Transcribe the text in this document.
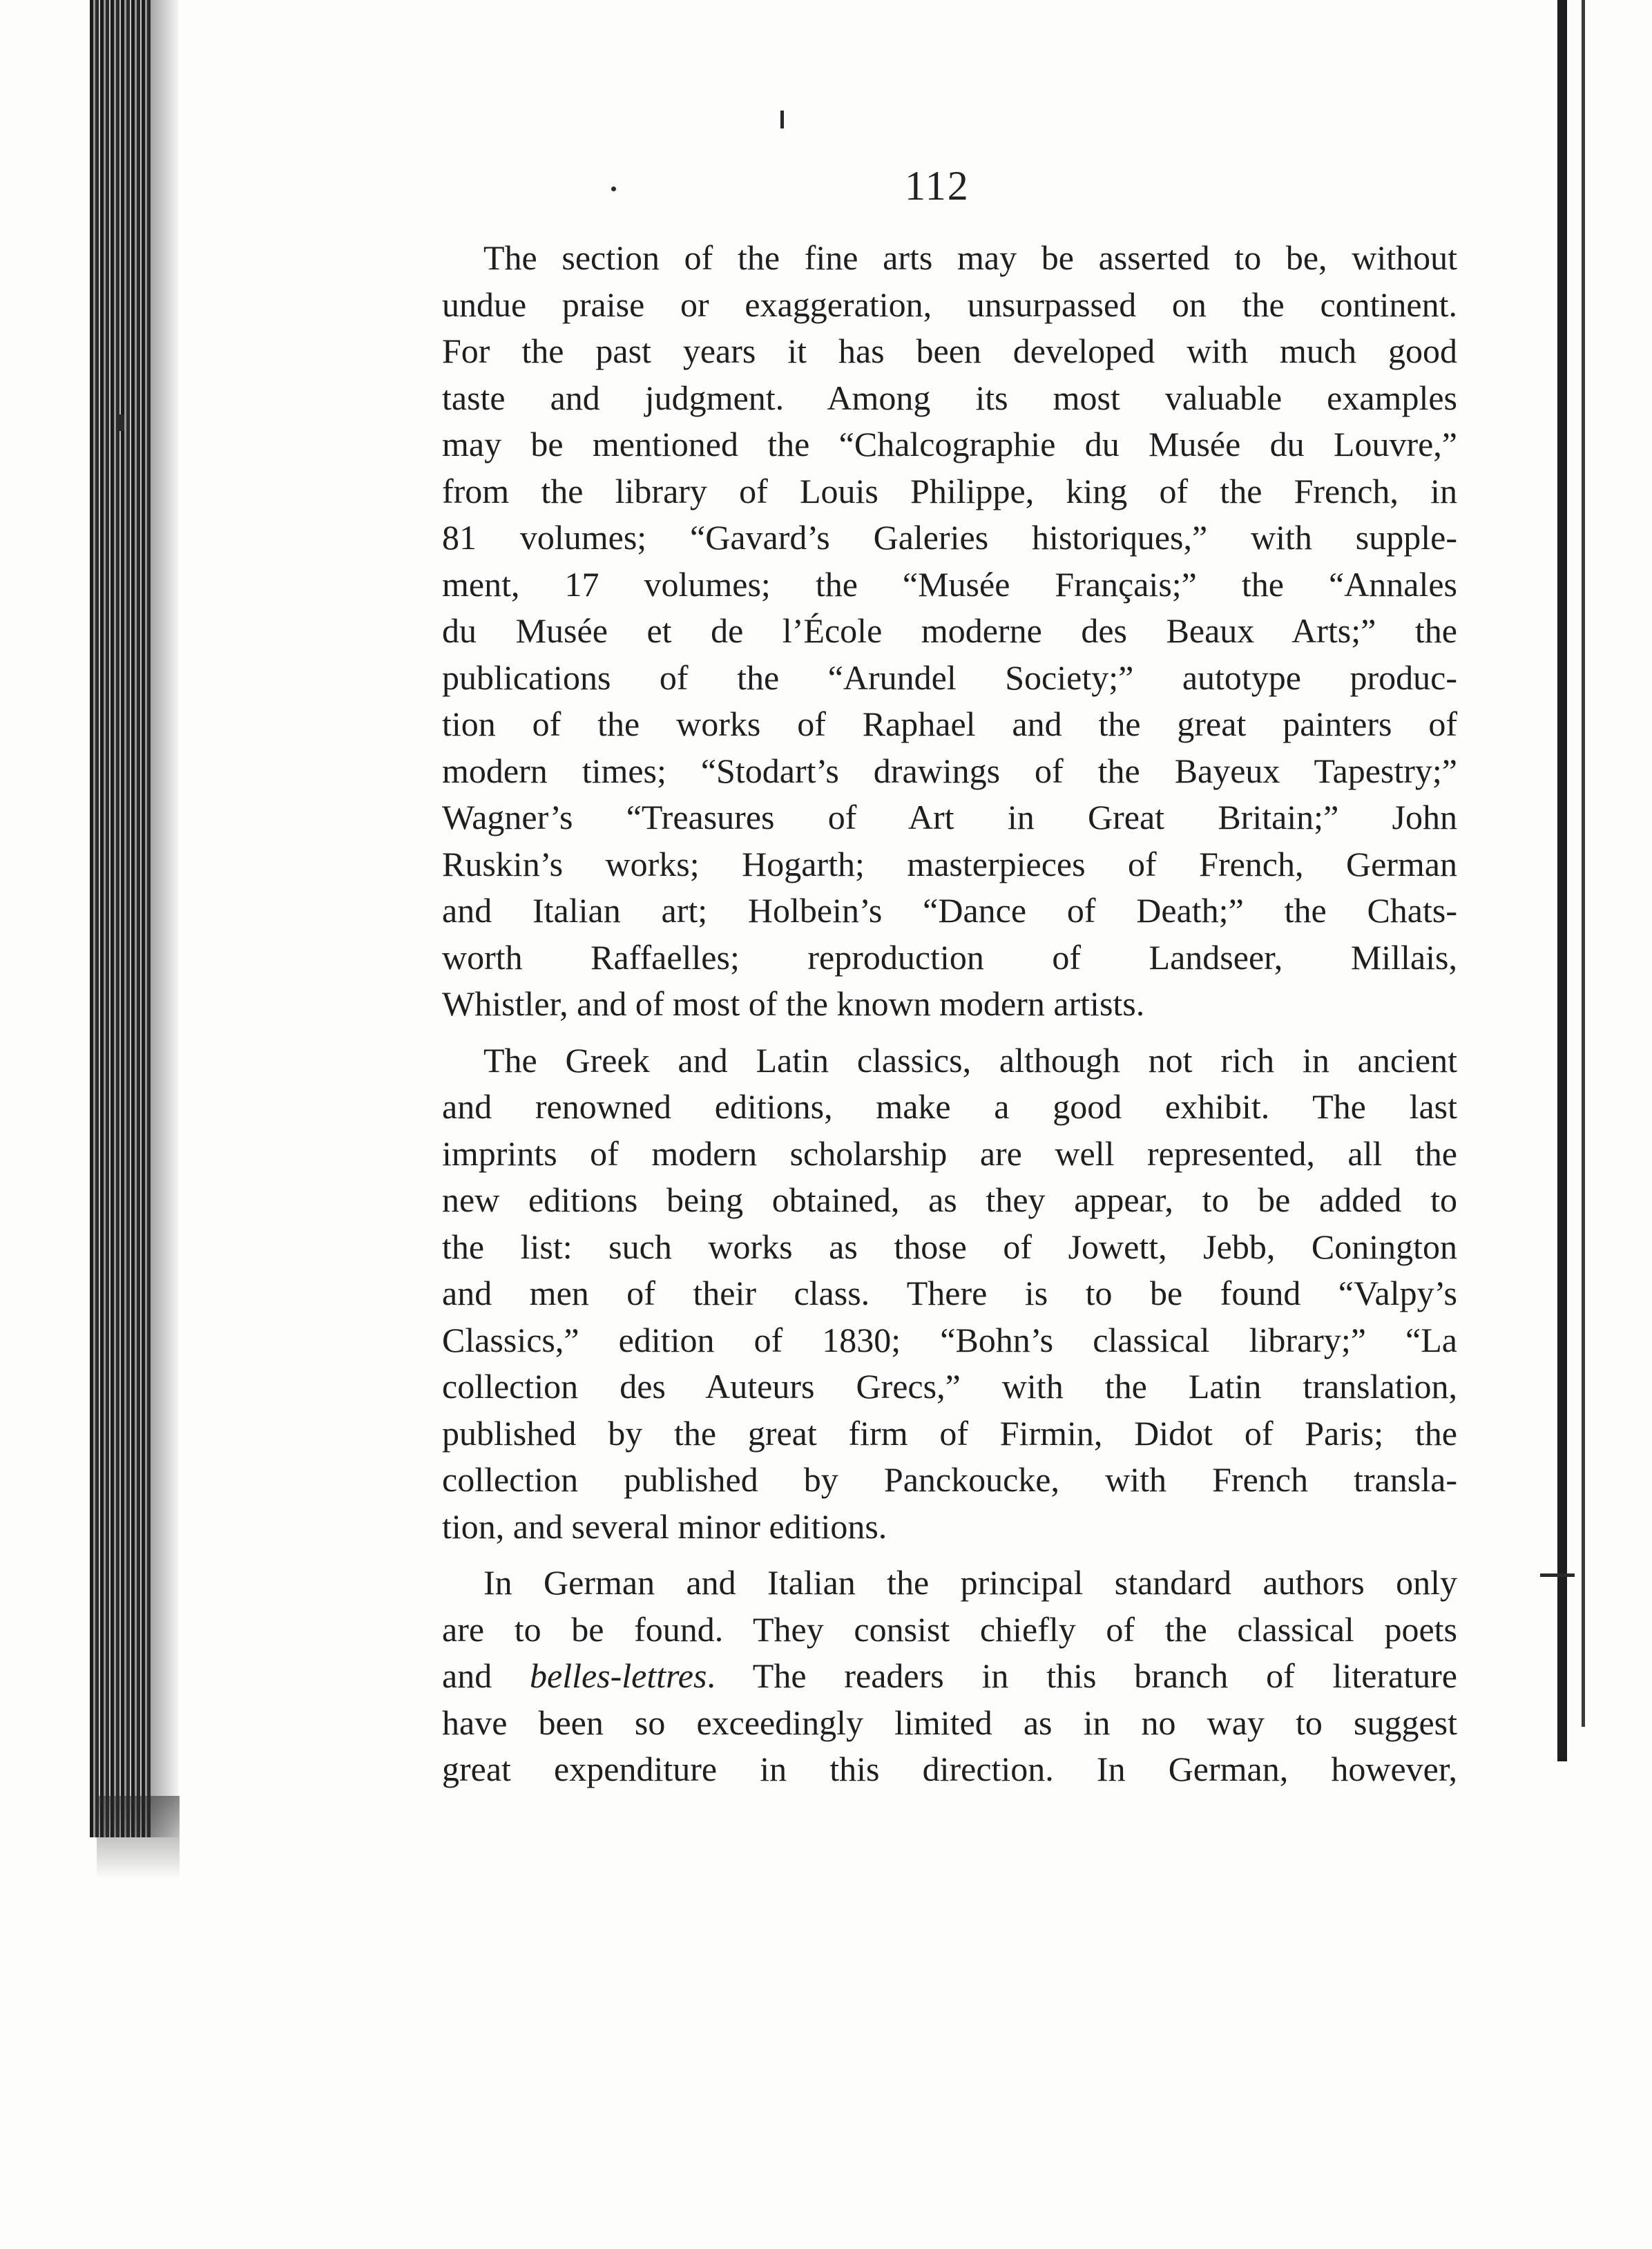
112
The section of the fine arts may be asserted to be, without
undue praise or exaggeration, unsurpassed on the continent.
For the past years it has been developed with much good
taste and judgment. Among its most valuable examples
may be mentioned the “Chalcographie du Musée du Louvre,”
from the library of Louis Philippe, king of the French, in
81 volumes; “Gavard’s Galeries historiques,” with supple-
ment, 17 volumes; the “Musée Français;” the “Annales
du Musée et de l’École moderne des Beaux Arts;” the
publications of the “Arundel Society;” autotype produc-
tion of the works of Raphael and the great painters of
modern times; “Stodart’s drawings of the Bayeux Tapestry;”
Wagner’s “Treasures of Art in Great Britain;” John
Ruskin’s works; Hogarth; masterpieces of French, German
and Italian art; Holbein’s “Dance of Death;” the Chats-
worth Raffaelles; reproduction of Landseer, Millais,
Whistler, and of most of the known modern artists.
The Greek and Latin classics, although not rich in ancient
and renowned editions, make a good exhibit. The last
imprints of modern scholarship are well represented, all the
new editions being obtained, as they appear, to be added to
the list: such works as those of Jowett, Jebb, Conington
and men of their class. There is to be found “Valpy’s
Classics,” edition of 1830; “Bohn’s classical library;” “La
collection des Auteurs Grecs,” with the Latin translation,
published by the great firm of Firmin, Didot of Paris; the
collection published by Panckoucke, with French transla-
tion, and several minor editions.
In German and Italian the principal standard authors only
are to be found. They consist chiefly of the classical poets
and belles-lettres. The readers in this branch of literature
have been so exceedingly limited as in no way to suggest
great expenditure in this direction. In German, however,
